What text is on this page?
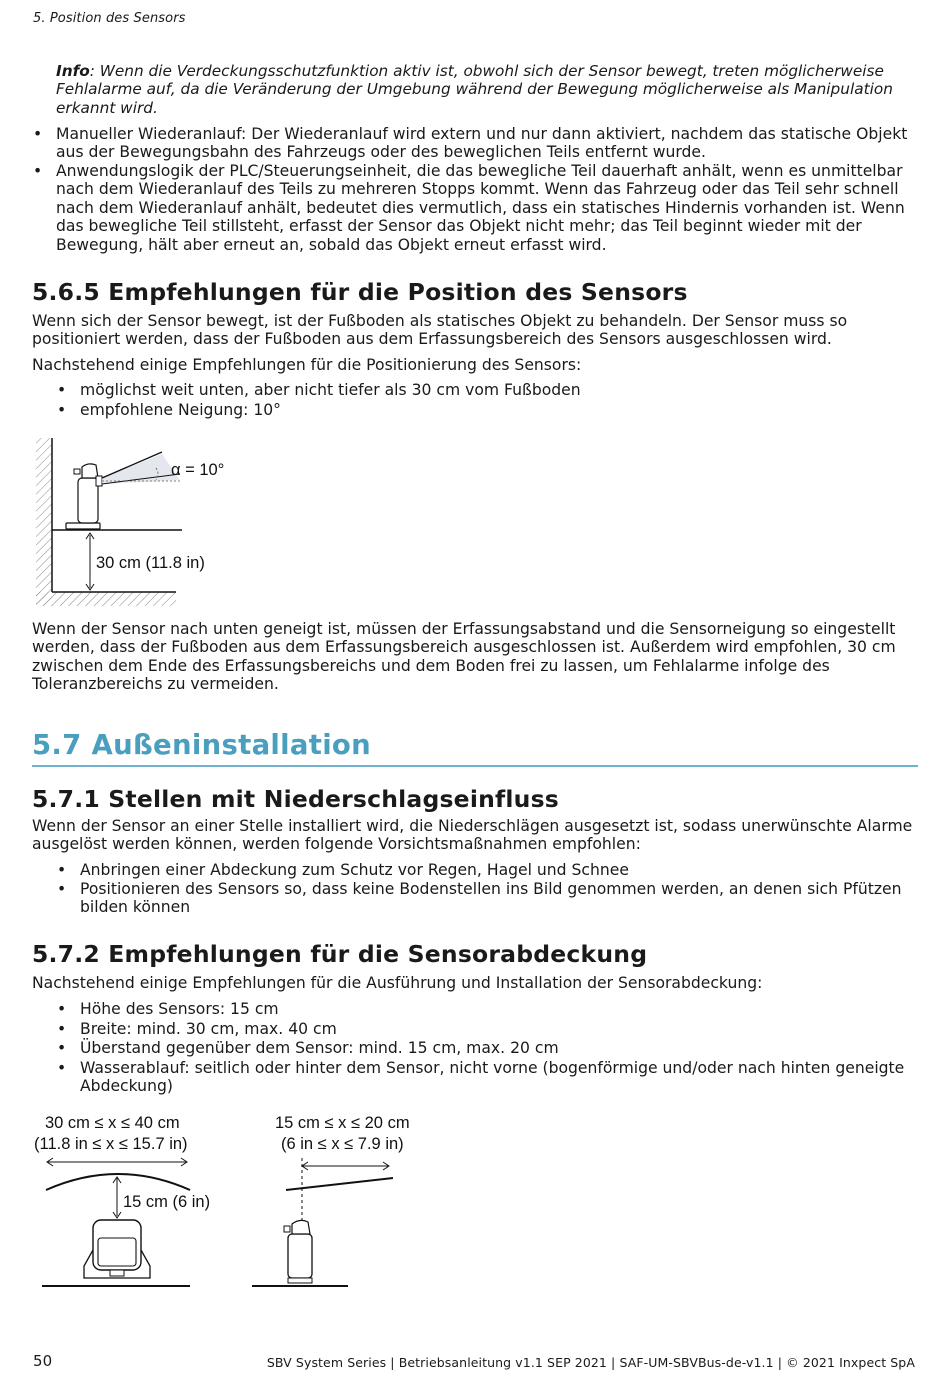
5. Position des Sensors
Info: Wenn die Verdeckungsschutzfunktion aktiv ist, obwohl sich der Sensor bewegt, treten möglicherweise Fehlalarme auf, da die Veränderung der Umgebung während der Bewegung möglicherweise als Manipulation erkannt wird.
• Manueller Wiederanlauf: Der Wiederanlauf wird extern und nur dann aktiviert, nachdem das statische Objekt aus der Bewegungsbahn des Fahrzeugs oder des beweglichen Teils entfernt wurde.
• Anwendungslogik der PLC/Steuerungseinheit, die das bewegliche Teil dauerhaft anhält, wenn es unmittelbar nach dem Wiederanlauf des Teils zu mehreren Stopps kommt. Wenn das Fahrzeug oder das Teil sehr schnell nach dem Wiederanlauf anhält, bedeutet dies vermutlich, dass ein statisches Hindernis vorhanden ist. Wenn das bewegliche Teil stillsteht, erfasst der Sensor das Objekt nicht mehr; das Teil beginnt wieder mit der Bewegung, hält aber erneut an, sobald das Objekt erneut erfasst wird.
5.6.5 Empfehlungen für die Position des Sensors
Wenn sich der Sensor bewegt, ist der Fußboden als statisches Objekt zu behandeln. Der Sensor muss so positioniert werden, dass der Fußboden aus dem Erfassungsbereich des Sensors ausgeschlossen wird.
Nachstehend einige Empfehlungen für die Positionierung des Sensors:
• möglichst weit unten, aber nicht tiefer als 30 cm vom Fußboden
• empfohlene Neigung: 10°
α = 10°
30 cm (11.8 in)
Wenn der Sensor nach unten geneigt ist, müssen der Erfassungsabstand und die Sensorneigung so eingestellt werden, dass der Fußboden aus dem Erfassungsbereich ausgeschlossen ist. Außerdem wird empfohlen, 30 cm zwischen dem Ende des Erfassungsbereichs und dem Boden frei zu lassen, um Fehlalarme infolge des Toleranzbereichs zu vermeiden.
5.7 Außeninstallation
5.7.1 Stellen mit Niederschlagseinfluss
Wenn der Sensor an einer Stelle installiert wird, die Niederschlägen ausgesetzt ist, sodass unerwünschte Alarme ausgelöst werden können, werden folgende Vorsichtsmaßnahmen empfohlen:
• Anbringen einer Abdeckung zum Schutz vor Regen, Hagel und Schnee
• Positionieren des Sensors so, dass keine Bodenstellen ins Bild genommen werden, an denen sich Pfützen bilden können
5.7.2 Empfehlungen für die Sensorabdeckung
Nachstehend einige Empfehlungen für die Ausführung und Installation der Sensorabdeckung:
• Höhe des Sensors: 15 cm
• Breite: mind. 30 cm, max. 40 cm
• Überstand gegenüber dem Sensor: mind. 15 cm, max. 20 cm
• Wasserablauf: seitlich oder hinter dem Sensor, nicht vorne (bogenförmige und/oder nach hinten geneigte Abdeckung)
30 cm ≤ x ≤ 40 cm
(11.8 in ≤ x ≤ 15.7 in)
15 cm (6 in)
15 cm ≤ x ≤ 20 cm
(6 in ≤ x ≤ 7.9 in)
50	SBV System Series | Betriebsanleitung v1.1 SEP 2021 | SAF-UM-SBVBus-de-v1.1 | © 2021 Inxpect SpA
